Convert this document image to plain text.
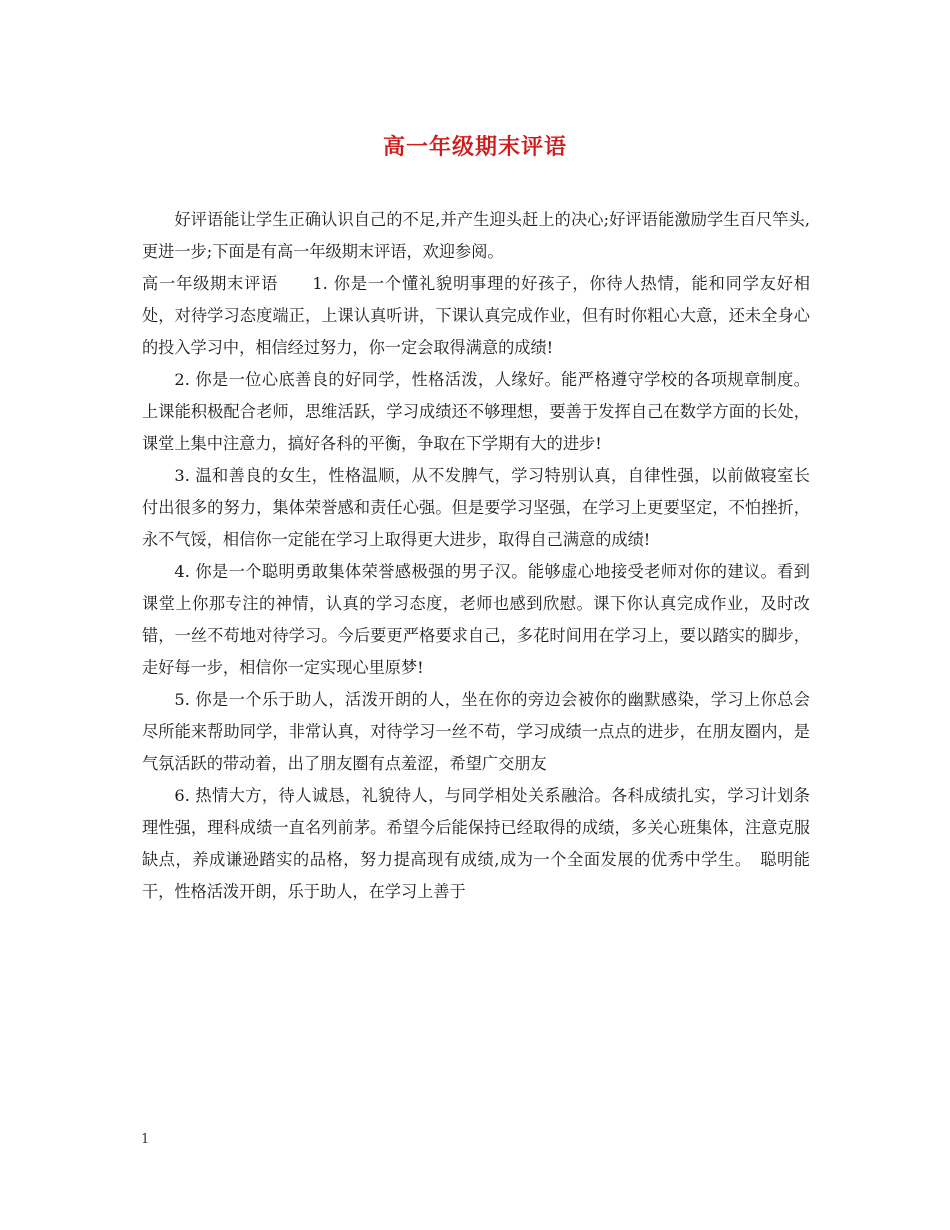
高一年级期末评语

好评语能让学生正确认识自己的不足,并产生迎头赶上的决心;好评语能激励学生百尺竿头,更进一步;下面是有高一年级期末评语，欢迎参阅。

高一年级期末评语　　1. 你是一个懂礼貌明事理的好孩子，你待人热情，能和同学友好相处，对待学习态度端正，上课认真听讲，下课认真完成作业，但有时你粗心大意，还未全身心的投入学习中，相信经过努力，你一定会取得满意的成绩!

2. 你是一位心底善良的好同学，性格活泼，人缘好。能严格遵守学校的各项规章制度。上课能积极配合老师，思维活跃，学习成绩还不够理想，要善于发挥自己在数学方面的长处，课堂上集中注意力，搞好各科的平衡，争取在下学期有大的进步!

3. 温和善良的女生，性格温顺，从不发脾气，学习特别认真，自律性强，以前做寝室长付出很多的努力，集体荣誉感和责任心强。但是要学习坚强，在学习上更要坚定，不怕挫折，永不气馁，相信你一定能在学习上取得更大进步，取得自己满意的成绩!

4. 你是一个聪明勇敢集体荣誉感极强的男子汉。能够虚心地接受老师对你的建议。看到课堂上你那专注的神情，认真的学习态度，老师也感到欣慰。课下你认真完成作业，及时改错，一丝不苟地对待学习。今后要更严格要求自己，多花时间用在学习上，要以踏实的脚步，走好每一步，相信你一定实现心里原梦!

5. 你是一个乐于助人，活泼开朗的人，坐在你的旁边会被你的幽默感染，学习上你总会尽所能来帮助同学，非常认真，对待学习一丝不苟，学习成绩一点点的进步，在朋友圈内，是气氛活跃的带动着，出了朋友圈有点羞涩，希望广交朋友

6. 热情大方，待人诚恳，礼貌待人，与同学相处关系融洽。各科成绩扎实，学习计划条理性强，理科成绩一直名列前茅。希望今后能保持已经取得的成绩，多关心班集体，注意克服缺点，养成谦逊踏实的品格，努力提高现有成绩,成为一个全面发展的优秀中学生。　聪明能干，性格活泼开朗，乐于助人，在学习上善于

1
